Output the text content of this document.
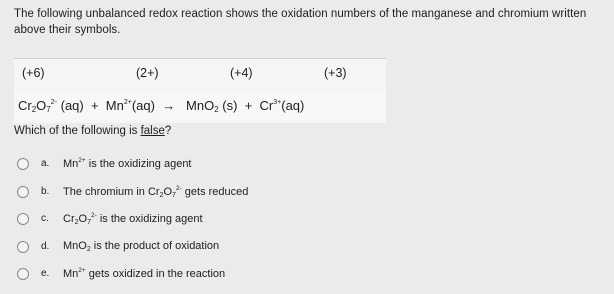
The following unbalanced redox reaction shows the oxidation numbers of the manganese and chromium written above their symbols.
(+6)	(2+)	(+4)	(+3)
$Cr_2O_7^{2-}$ $(aq) + Mn^{2+}(aq) \to MnO_2$ $(s) + Cr^{3+}(aq)$
Which of the following is false?
a. $Mn^{2+}$ is the oxidizing agent
b. The chromium in $Cr_2O_7^{2-}$ gets reduced
c. $Cr_2O_7^{2-}$ is the oxidizing agent
d. MnO$_2$ is the product of oxidation
e. $Mn^{2+}$ gets oxidized in the reaction
